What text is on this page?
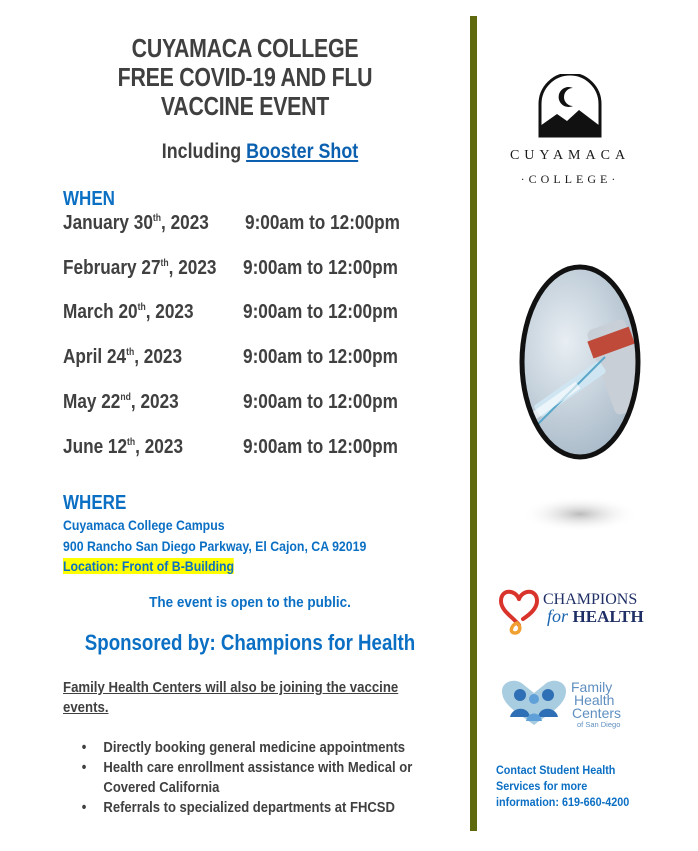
CUYAMACA COLLEGE
FREE COVID-19 AND FLU
VACCINE EVENT
Including Booster Shot
WHEN
January 30th, 2023 9:00am to 12:00pm
February 27th, 2023 9:00am to 12:00pm
March 20th, 2023 9:00am to 12:00pm
April 24th, 2023	9:00am to 12:00pm
May 22nd, 2023	9:00am to 12:00pm
June 12th, 2023	9:00am to 12:00pm
WHERE
Cuyamaca College Campus
900 Rancho San Diego Parkway, El Cajon, CA 92019
Location: Front of B-Building
The event is open to the public.
Sponsored by: Champions for Health
Family Health Centers will also be joining the vaccine events.
• Directly booking general medicine appointments
• Health care enrollment assistance with Medical or Covered California
• Referrals to specialized departments at FHCSD
CUYAMACA
·COLLEGE·
CHAMPIONS
for HEALTH
Family
Health
Centers
of San Diego
Contact Student Health Services for more information: 619-660-4200
